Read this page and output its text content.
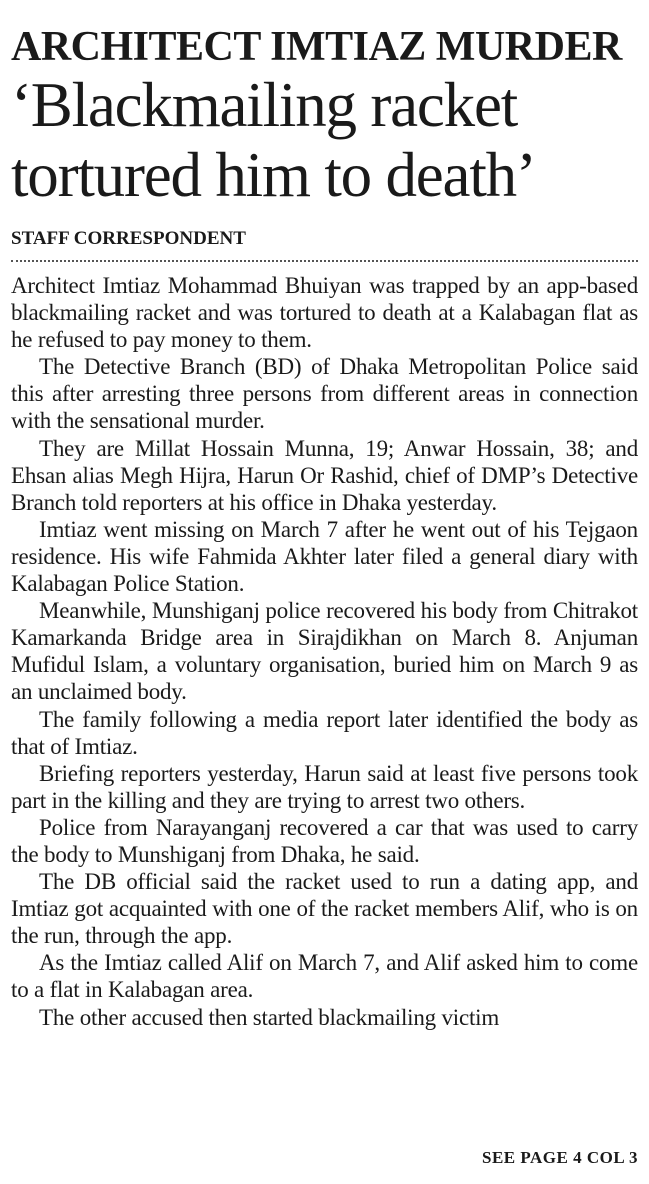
ARCHITECT IMTIAZ MURDER
‘Blackmailing racket tortured him to death’
STAFF CORRESPONDENT

Architect Imtiaz Mohammad Bhuiyan was trapped by an app-based blackmailing racket and was tortured to death at a Kalabagan flat as he refused to pay money to them.

The Detective Branch (BD) of Dhaka Metropolitan Police said this after arresting three persons from different areas in connection with the sensational murder.

They are Millat Hossain Munna, 19; Anwar Hossain, 38; and Ehsan alias Megh Hijra, Harun Or Rashid, chief of DMP’s Detective Branch told reporters at his office in Dhaka yesterday.

Imtiaz went missing on March 7 after he went out of his Tejgaon residence. His wife Fahmida Akhter later filed a general diary with Kalabagan Police Station.

Meanwhile, Munshiganj police recovered his body from Chitrakot Kamarkanda Bridge area in Sirajdikhan on March 8. Anjuman Mufidul Islam, a voluntary organisation, buried him on March 9 as an unclaimed body.

The family following a media report later identified the body as that of Imtiaz.

Briefing reporters yesterday, Harun said at least five persons took part in the killing and they are trying to arrest two others.

Police from Narayanganj recovered a car that was used to carry the body to Munshiganj from Dhaka, he said.

The DB official said the racket used to run a dating app, and Imtiaz got acquainted with one of the racket members Alif, who is on the run, through the app.

As the Imtiaz called Alif on March 7, and Alif asked him to come to a flat in Kalabagan area.

The other accused then started blackmailing victim

SEE PAGE 4 COL 3
